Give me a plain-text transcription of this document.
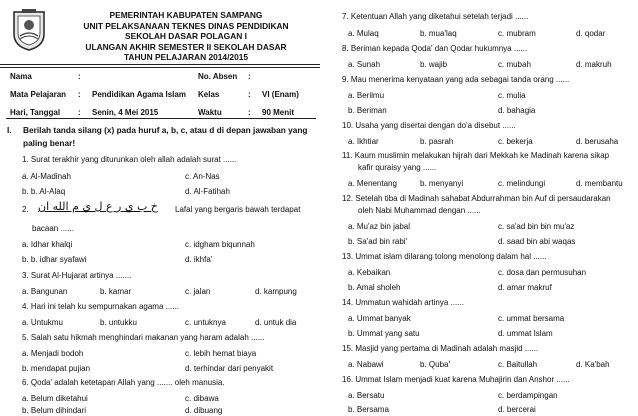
PEMERINTAH KABUPATEN SAMPANG
UNIT PELAKSANAAN TEKNES DINAS PENDIDIKAN
SEKOLAH DASAR POLAGAN I
ULANGAN AKHIR SEMESTER II SEKOLAH DASAR
TAHUN PELAJARAN 2014/2015
Nama	:	No. Absen :
Mata Pelajaran : Pendidikan Agama Islam Kelas	: VI (Enam)
Hari, Tanggal : Senin, 4 Mei 2015	Waktu	: 90 Menit
I. Berilah tanda silang (x) pada huruf a, b, c, atau d di depan jawaban yang
paling benar!
1. Surat terakhir yang diturunkan oleh allah adalah surat ......
a. Al-Madinah	c. An-Nas
b. b. Al-Alaq	d. Al-Fatihah
2. خ ب ي ر ع ل ي م الله ان Lafal yang bergaris bawah terdapat
bacaan ......
a. Idhar khalqi	c. idgham biqunnah
b. b. idhar syafawi	d. ikhfa'
3. Surat Al-Hujarat artinya .......
a. Bangunan	b. kamar	c. jalan	d. kampung
4. Hari ini telah ku sempurnakan agama ......
a. Untukmu	b. untukku	c. untuknya	d. untuk dia
5. Salah satu hikmah menghindari makanan yang haram adalah ......
a. Menjadi bodoh	c. lebih hemat biaya
b. mendapat pujian	d. terhindar dari penyakit
6. Qoda' adalah ketetapan Allah yang ....... oleh manusia.
a. Belum diketahui	c. dibawa
b. Belum dihindari	d. dibuang
7. Ketentuan Allah yang diketahui setelah terjadi ......
a. Mulaq	b. mua'laq	c. mubram	d. qodar
8. Beriman kepada Qoda' dan Qodar hukumnya ......
a. Sunah	b. wajib	c. mubah	d. makruh
9. Mau menerima kenyataan yang ada sebagai tanda orang ......
a. Berilmu	c. mulia
b. Beriman	d. bahagia
10. Usaha yang disertai dengan do'a disebut ......
a. Ikhtiar	b. pasrah	c. bekerja	d. berusaha
11. Kaum muslimin melakukan hijrah dari Mekkah ke Madinah karena sikap
kafir quraisy yang ......
a. Menentang	b. menyanyi	c. melindungi	d. membantu
12. Setelah tiba di Madinah sahabat Abdurrahman bin Auf di persaudarakan
oleh Nabi Muhammad dengan ......
a. Mu'az bin jabal	c. sa'ad bin bin mu'az
b. Sa'ad bin rabi'	d. saad bin abi waqas
13. Ummat islam dilarang tolong menolong dalam hal ......
a. Kebaikan	c. dosa dan permusuhan
b. Amal sholeh	d. amar makruf
14. Ummatun wahidah artinya ......
a. Ummat banyak	c. ummat bersama
b. Ummat yang satu	d. ummat Islam
15. Masjid yang pertama di Madinah adalah masjid ......
a. Nabawi	b. Quba'	c. Baitullah	d. Ka'bah
16. Ummat Islam menjadi kuat karena Muhajirin dan Anshor ......
a. Bersatu	c. berdampingan
b. Bersama	d. bercerai
